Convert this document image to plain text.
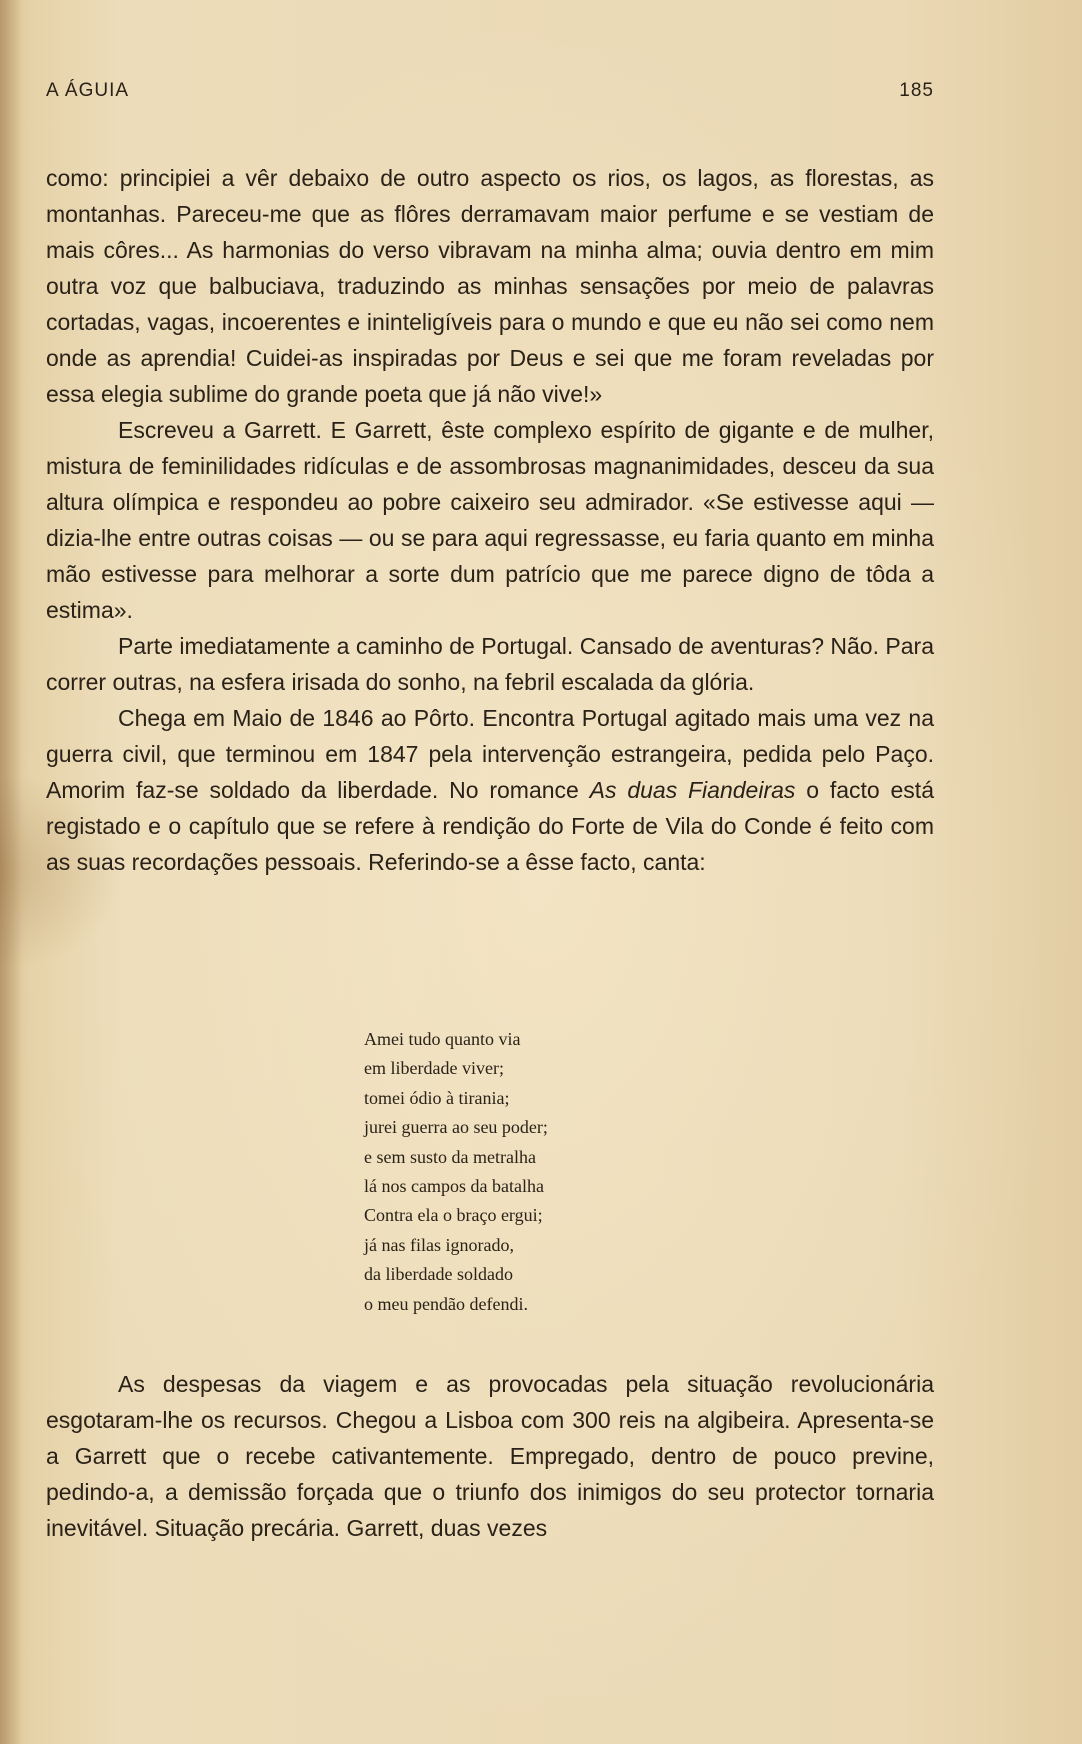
A ÁGUIA	185

como: principiei a vêr debaixo de outro aspecto os rios, os lagos, as florestas, as montanhas. Pareceu-me que as flôres derramavam maior perfume e se vestiam de mais côres... As harmonias do verso vibravam na minha alma; ouvia dentro em mim outra voz que balbuciava, traduzindo as minhas sensações por meio de palavras cortadas, vagas, incoerentes e ininteligíveis para o mundo e que eu não sei como nem onde as aprendia! Cuidei-as inspiradas por Deus e sei que me foram reveladas por essa elegia sublime do grande poeta que já não vive!»

Escreveu a Garrett. E Garrett, êste complexo espírito de gigante e de mulher, mistura de feminilidades ridículas e de assombrosas magnanimidades, desceu da sua altura olímpica e respondeu ao pobre caixeiro seu admirador. «Se estivesse aqui — dizia-lhe entre outras coisas — ou se para aqui regressasse, eu faria quanto em minha mão estivesse para melhorar a sorte dum patrício que me parece digno de tôda a estima».

Parte imediatamente a caminho de Portugal. Cansado de aventuras? Não. Para correr outras, na esfera irisada do sonho, na febril escalada da glória.

Chega em Maio de 1846 ao Pôrto. Encontra Portugal agitado mais uma vez na guerra civil, que terminou em 1847 pela intervenção estrangeira, pedida pelo Paço. Amorim faz-se soldado da liberdade. No romance As duas Fiandeiras o facto está registado e o capítulo que se refere à rendição do Forte de Vila do Conde é feito com as suas recordações pessoais. Referindo-se a êsse facto, canta:

Amei tudo quanto via
em liberdade viver;
tomei ódio à tirania;
jurei guerra ao seu poder;
e sem susto da metralha
lá nos campos da batalha
Contra ela o braço ergui;
já nas filas ignorado,
da liberdade soldado
o meu pendão defendi.

As despesas da viagem e as provocadas pela situação revolucionária esgotaram-lhe os recursos. Chegou a Lisboa com 300 reis na algibeira. Apresenta-se a Garrett que o recebe cativantemente. Empregado, dentro de pouco previne, pedindo-a, a demissão forçada que o triunfo dos inimigos do seu protector tornaria inevitável. Situação precária. Garrett, duas vezes
